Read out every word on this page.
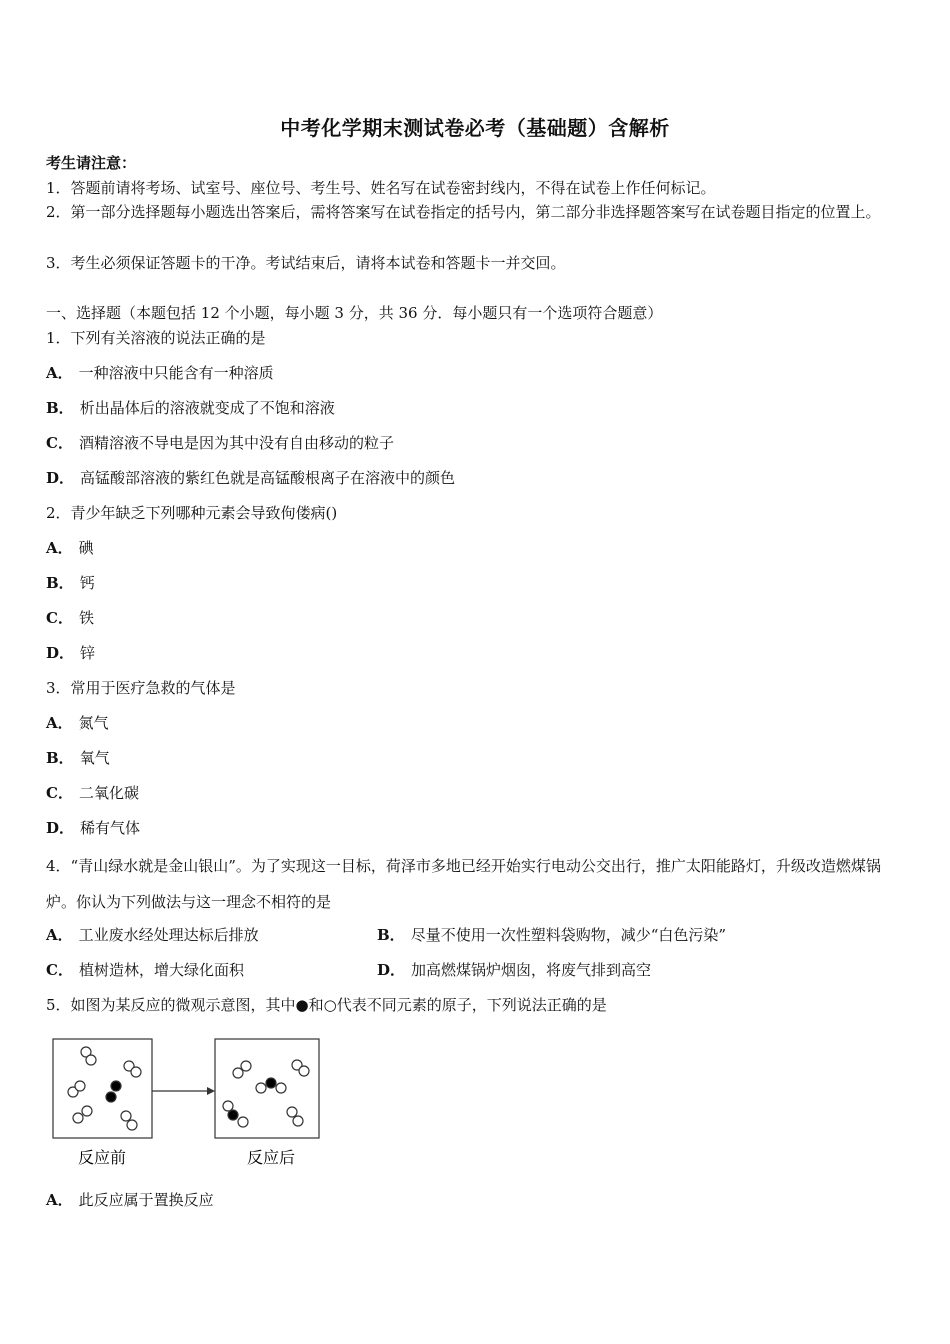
中考化学期末测试卷必考（基础题）含解析
考生请注意：
1．答题前请将考场、试室号、座位号、考生号、姓名写在试卷密封线内，不得在试卷上作任何标记。
2．第一部分选择题每小题选出答案后，需将答案写在试卷指定的括号内，第二部分非选择题答案写在试卷题目指定的位置上。
3．考生必须保证答题卡的干净。考试结束后，请将本试卷和答题卡一并交回。
一、选择题（本题包括 12 个小题，每小题 3 分，共 36 分．每小题只有一个选项符合题意）
1．下列有关溶液的说法正确的是
A． 一种溶液中只能含有一种溶质
B． 析出晶体后的溶液就变成了不饱和溶液
C． 酒精溶液不导电是因为其中没有自由移动的粒子
D． 高锰酸部溶液的紫红色就是高锰酸根离子在溶液中的颜色
2．青少年缺乏下列哪种元素会导致佝偻病()
A． 碘
B． 钙
C． 铁
D． 锌
3．常用于医疗急救的气体是
A． 氮气
B． 氧气
C． 二氧化碳
D． 稀有气体
4．“青山绿水就是金山银山”。为了实现这一目标，荷泽市多地已经开始实行电动公交出行，推广太阳能路灯，升级改造燃煤锅炉。你认为下列做法与这一理念不相符的是
A． 工业废水经处理达标后排放	B． 尽量不使用一次性塑料袋购物，减少“白色污染”
C． 植树造林，增大绿化面积	D． 加高燃煤锅炉烟囱，将废气排到高空
5．如图为某反应的微观示意图，其中●和○代表不同元素的原子，下列说法正确的是
反应前	反应后
A． 此反应属于置换反应
